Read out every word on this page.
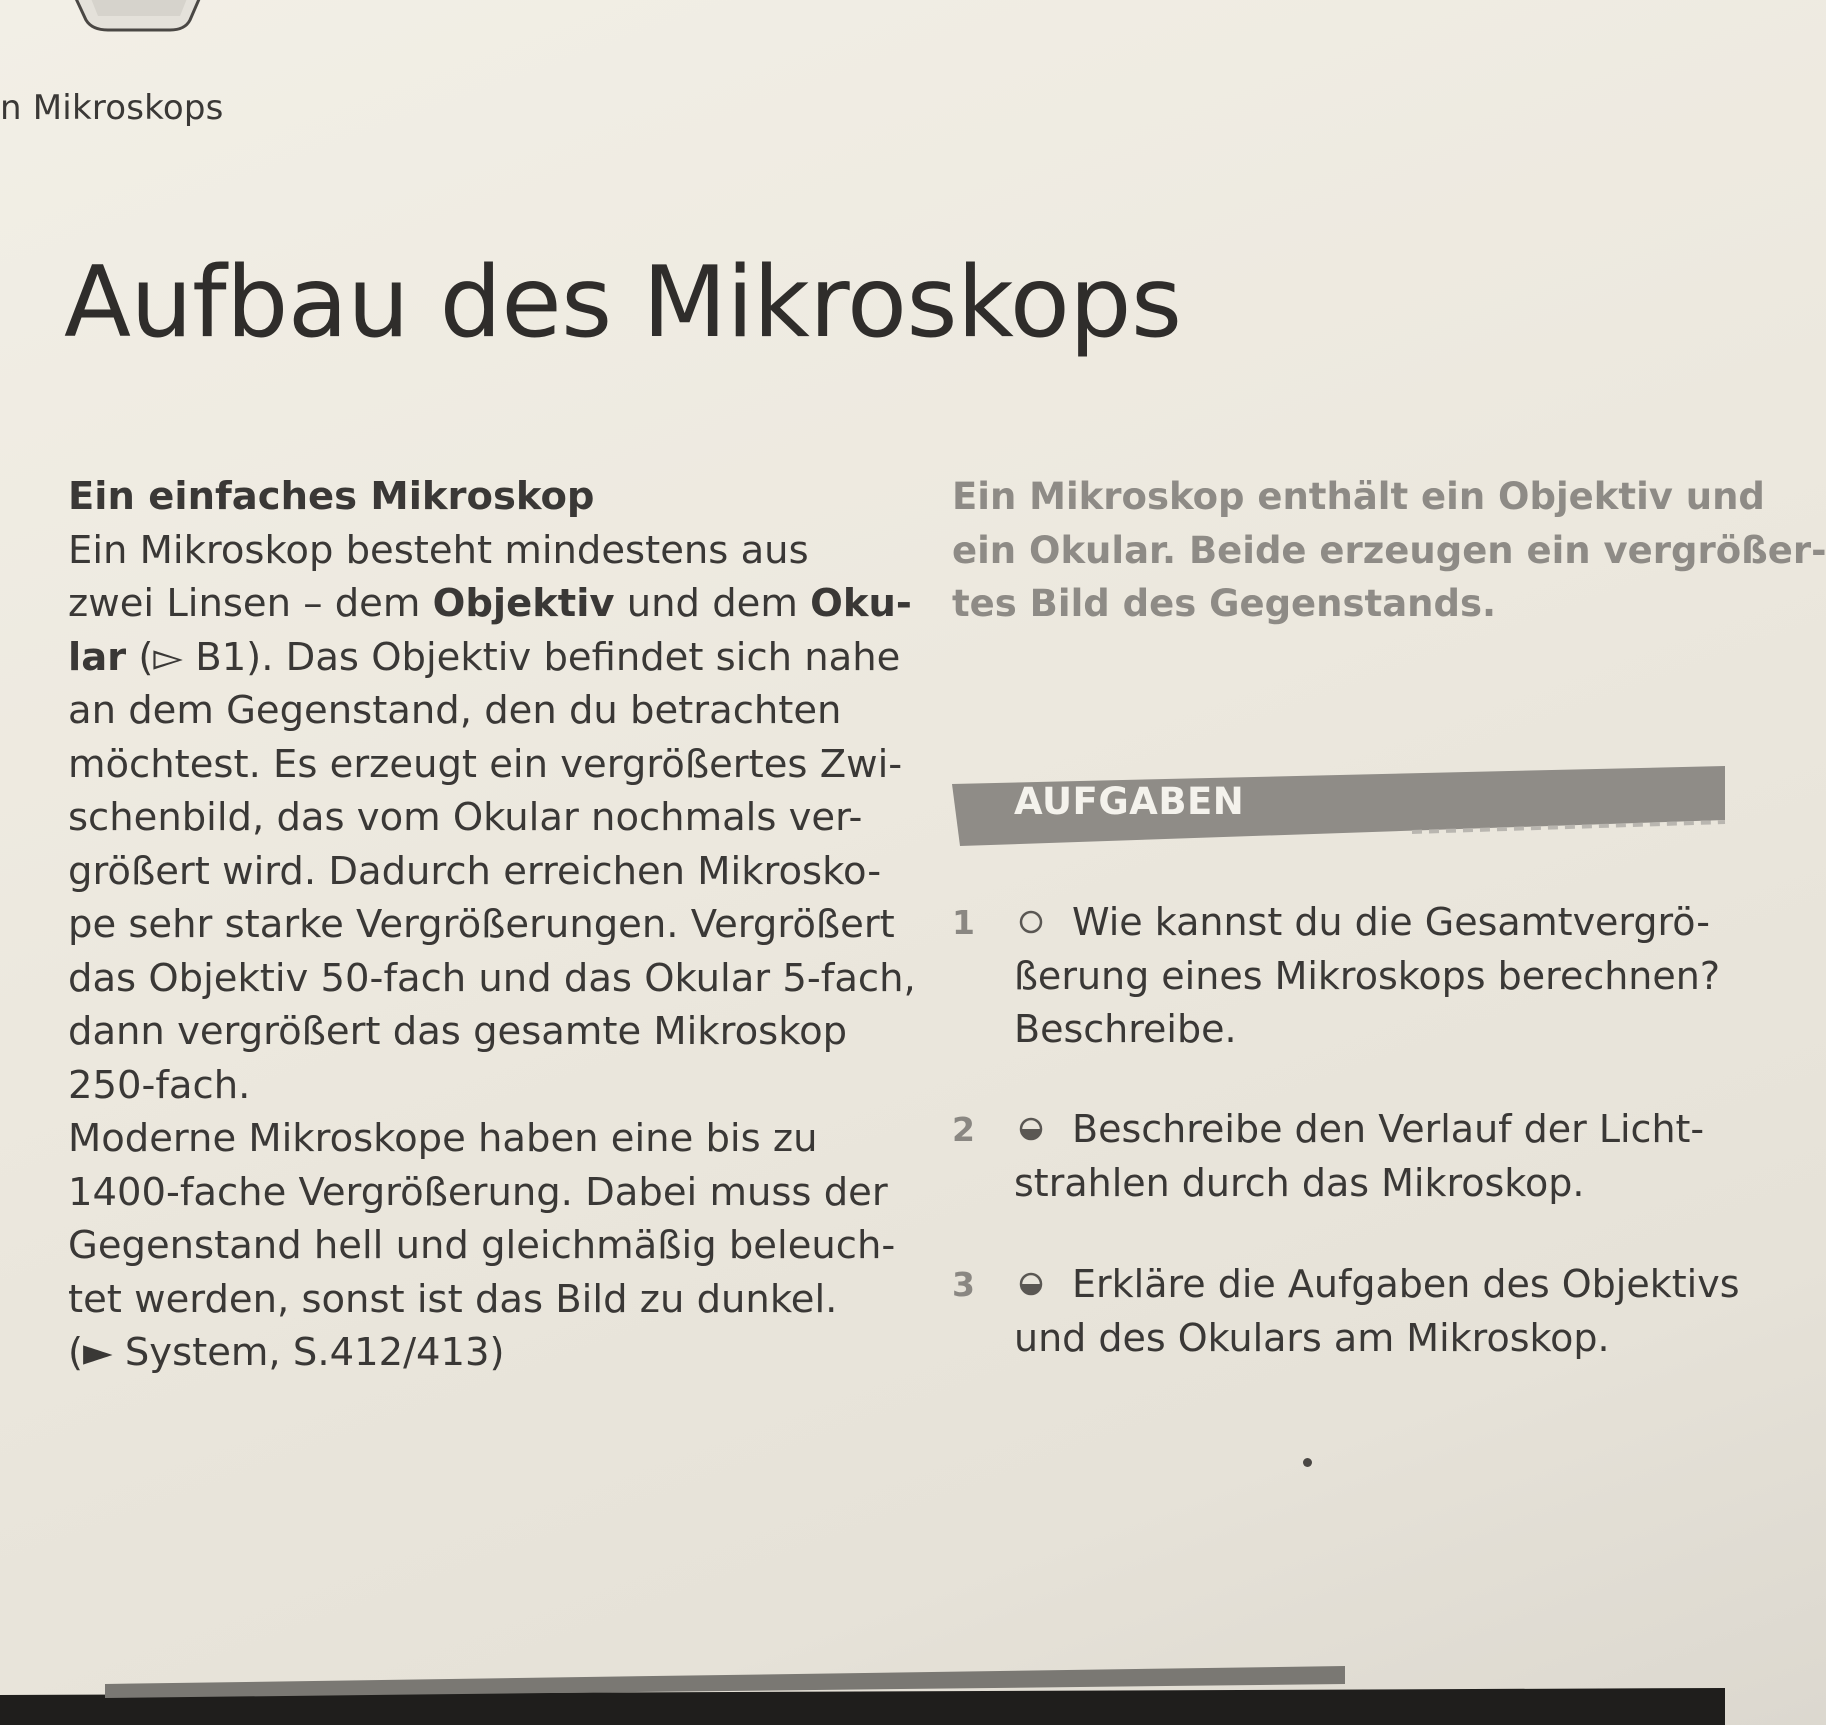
n Mikroskops
Aufbau des Mikroskops
Ein einfaches Mikroskop
Ein Mikroskop besteht mindestens aus
zwei Linsen – dem Objektiv und dem Oku-
lar (▻ B1). Das Objektiv befindet sich nahe
an dem Gegenstand, den du betrachten
möchtest. Es erzeugt ein vergrößertes Zwi-
schenbild, das vom Okular nochmals ver-
größert wird. Dadurch erreichen Mikrosko-
pe sehr starke Vergrößerungen. Vergrößert
das Objektiv 50-fach und das Okular 5-fach,
dann vergrößert das gesamte Mikroskop
250-fach.
Moderne Mikroskope haben eine bis zu
1400-fache Vergrößerung. Dabei muss der
Gegenstand hell und gleichmäßig beleuch-
tet werden, sonst ist das Bild zu dunkel.
(► System, S.412/413)
Ein Mikroskop enthält ein Objektiv und
ein Okular. Beide erzeugen ein vergrößer-
tes Bild des Gegenstands.
AUFGABEN
1	Wie kannst du die Gesamtvergrö-
ßerung eines Mikroskops berechnen?
Beschreibe.
2	Beschreibe den Verlauf der Licht-
strahlen durch das Mikroskop.
3	Erkläre die Aufgaben des Objektivs
und des Okulars am Mikroskop.
